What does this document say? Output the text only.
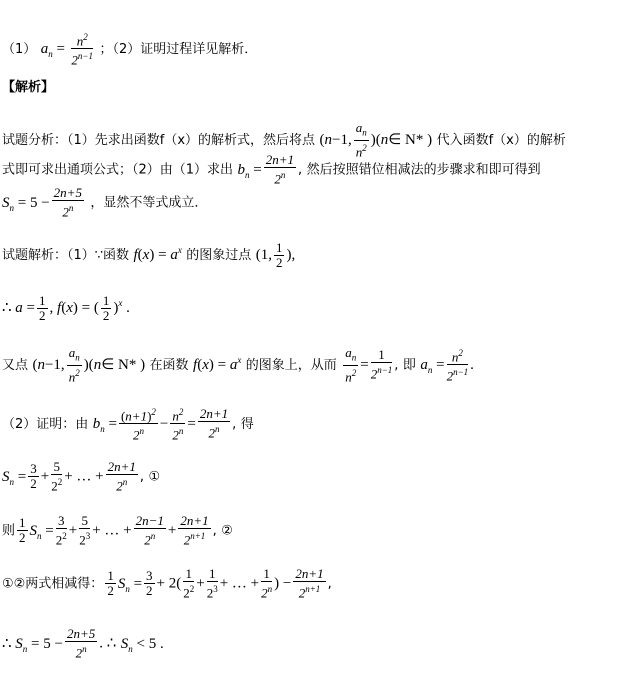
（1） $a_n = \frac{n^2}{2^{n-1}}$ ；（2）证明过程详见解析．
【解析】
试题分析：（1）先求出函数f（x）的解析式，然后将点 (n−1, $\frac{a_n}{n^2}$ )(n∈ N* ) 代入函数f（x）的解析
式即可求出通项公式；（2）由（1）求出 $b_n = \frac{2n+1}{2^n}$ , 然后按照错位相减法的步骤求和即可得到
$S_n = 5 - \frac{2n+5}{2^n}$ ，显然不等式成立．
试题解析：（1）∵函数 $f(x) = a^x$ 的图象过点 (1, $\frac{1}{2}$ ),
∴ $a = \frac{1}{2}$ , f(x) = ( $\frac{1}{2} )^x$ .
又点 (n−1, $\frac{a_n}{n^2}$ )(n∈ N* ) 在函数 $f(x) = a^x$ 的图象上，从而 $\frac{a_n}{n^2} = \frac{1}{2^{n-1}}$ , 即 $a_n = \frac{n^2}{2^{n-1}}$ .
（2）证明：由 $b_n = \frac{(n+1)^2}{2^n} - \frac{n^2}{2^n} = \frac{2n+1}{2^n}$ , 得
$S_n = \frac{3}{2} + \frac{5}{2^2}$ + … + $\frac{2n+1}{2^n}$ , ①
则 $\frac{1}{2} S_n = \frac{3}{2^2} + \frac{5}{2^3}$ + … + $\frac{2n-1}{2^n} + \frac{2n+1}{2^{n+1}}$ , ②
①②两式相减得： $\frac{1}{2} S_n = \frac{3}{2} + 2( \frac{1}{2^2} + \frac{1}{2^3}$ + … + $\frac{1}{2^n}$ ) − $\frac{2n+1}{2^{n+1}}$ ,
∴ $S_n = 5 - \frac{2n+5}{2^n}$ . ∴ $S_n < 5$ .
